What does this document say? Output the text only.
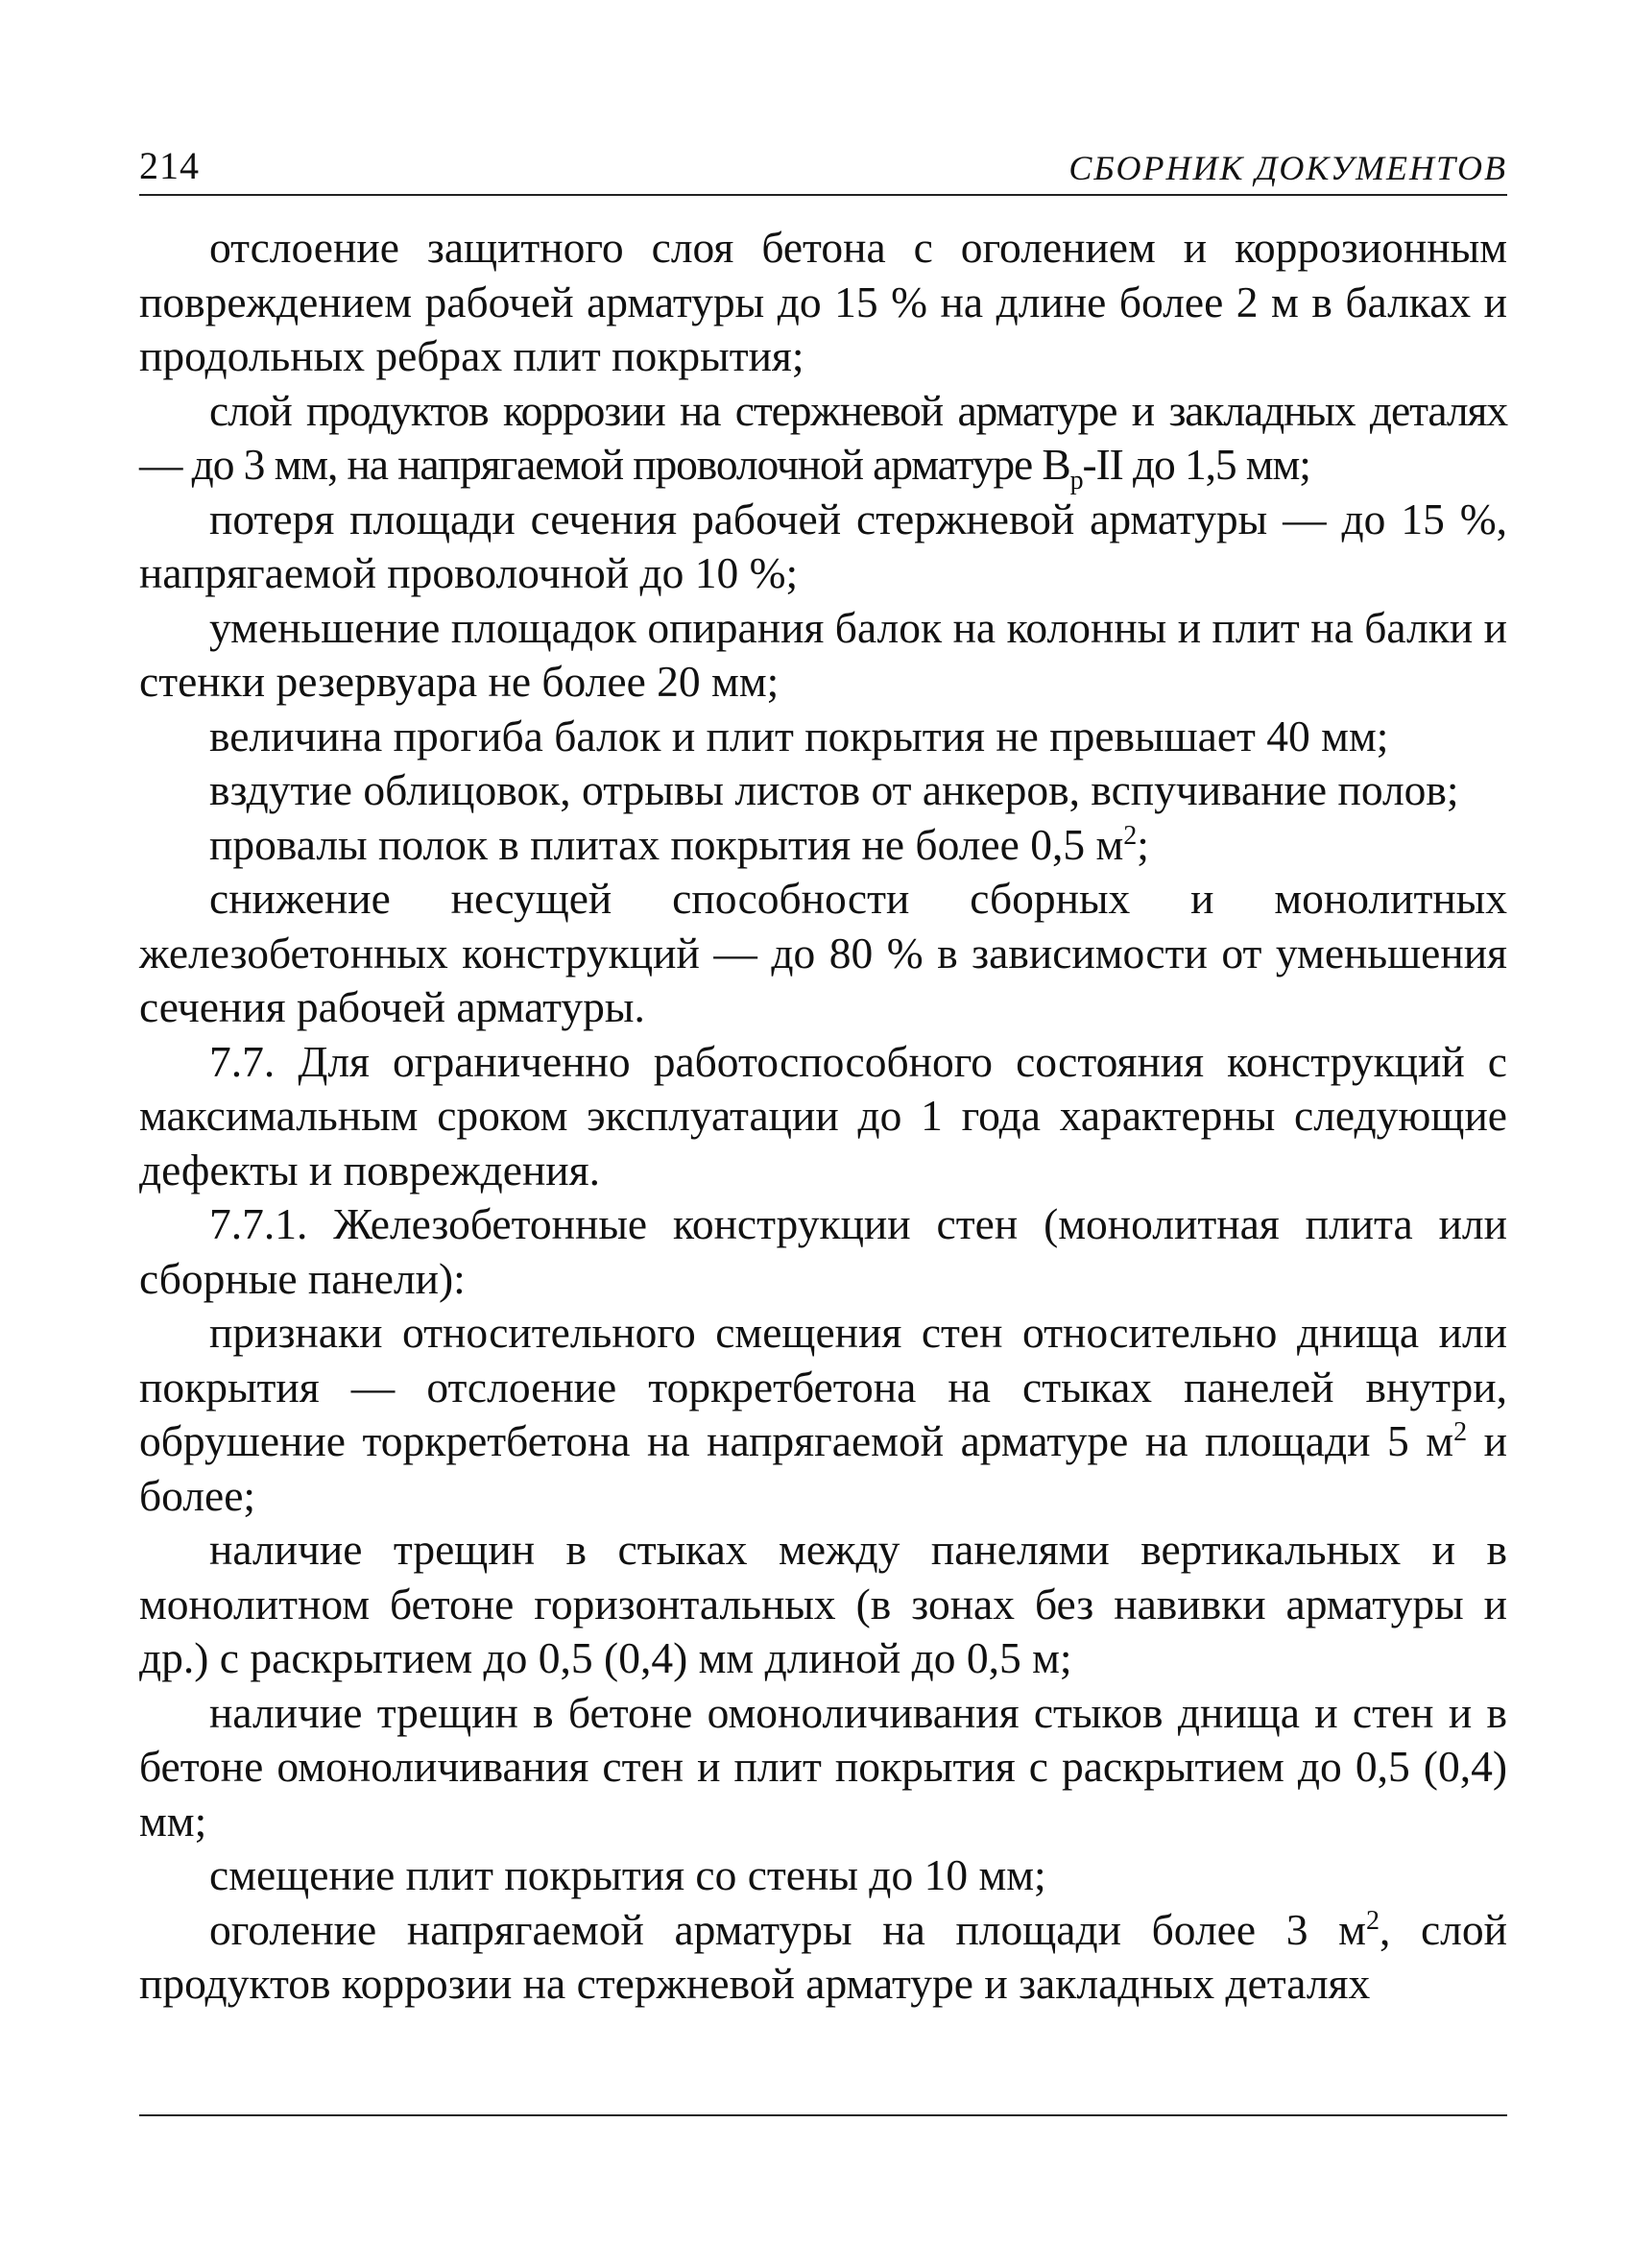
214	СБОРНИК ДОКУМЕНТОВ

отслоение защитного слоя бетона с оголением и коррозионным повреждением рабочей арматуры до 15 % на длине более 2 м в балках и продольных ребрах плит покрытия;

слой продуктов коррозии на стержневой арматуре и закладных деталях — до 3 мм, на напрягаемой проволочной арматуре $В_р-II$ до 1,5 мм;

потеря площади сечения рабочей стержневой арматуры — до 15 %, напрягаемой проволочной до 10 %;

уменьшение площадок опирания балок на колонны и плит на балки и стенки резервуара не более 20 мм;

величина прогиба балок и плит покрытия не превышает 40 мм;

вздутие облицовок, отрывы листов от анкеров, вспучивание полов;

провалы полок в плитах покрытия не более 0,5 $м^2$;

снижение несущей способности сборных и монолитных железобетонных конструкций — до 80 % в зависимости от уменьшения сечения рабочей арматуры.

7.7. Для ограниченно работоспособного состояния конструкций с максимальным сроком эксплуатации до 1 года характерны следующие дефекты и повреждения.

7.7.1. Железобетонные конструкции стен (монолитная плита или сборные панели):

признаки относительного смещения стен относительно днища или покрытия — отслоение торкретбетона на стыках панелей внутри, обрушение торкретбетона на напрягаемой арматуре на площади 5 $м^2$ и более;

наличие трещин в стыках между панелями вертикальных и в монолитном бетоне горизонтальных (в зонах без навивки арматуры и др.) с раскрытием до 0,5 (0,4) мм длиной до 0,5 м;

наличие трещин в бетоне омоноличивания стыков днища и стен и в бетоне омоноличивания стен и плит покрытия с раскрытием до 0,5 (0,4) мм;

смещение плит покрытия со стены до 10 мм;

оголение напрягаемой арматуры на площади более 3 $м^2$, слой продуктов коррозии на стержневой арматуре и закладных деталях
